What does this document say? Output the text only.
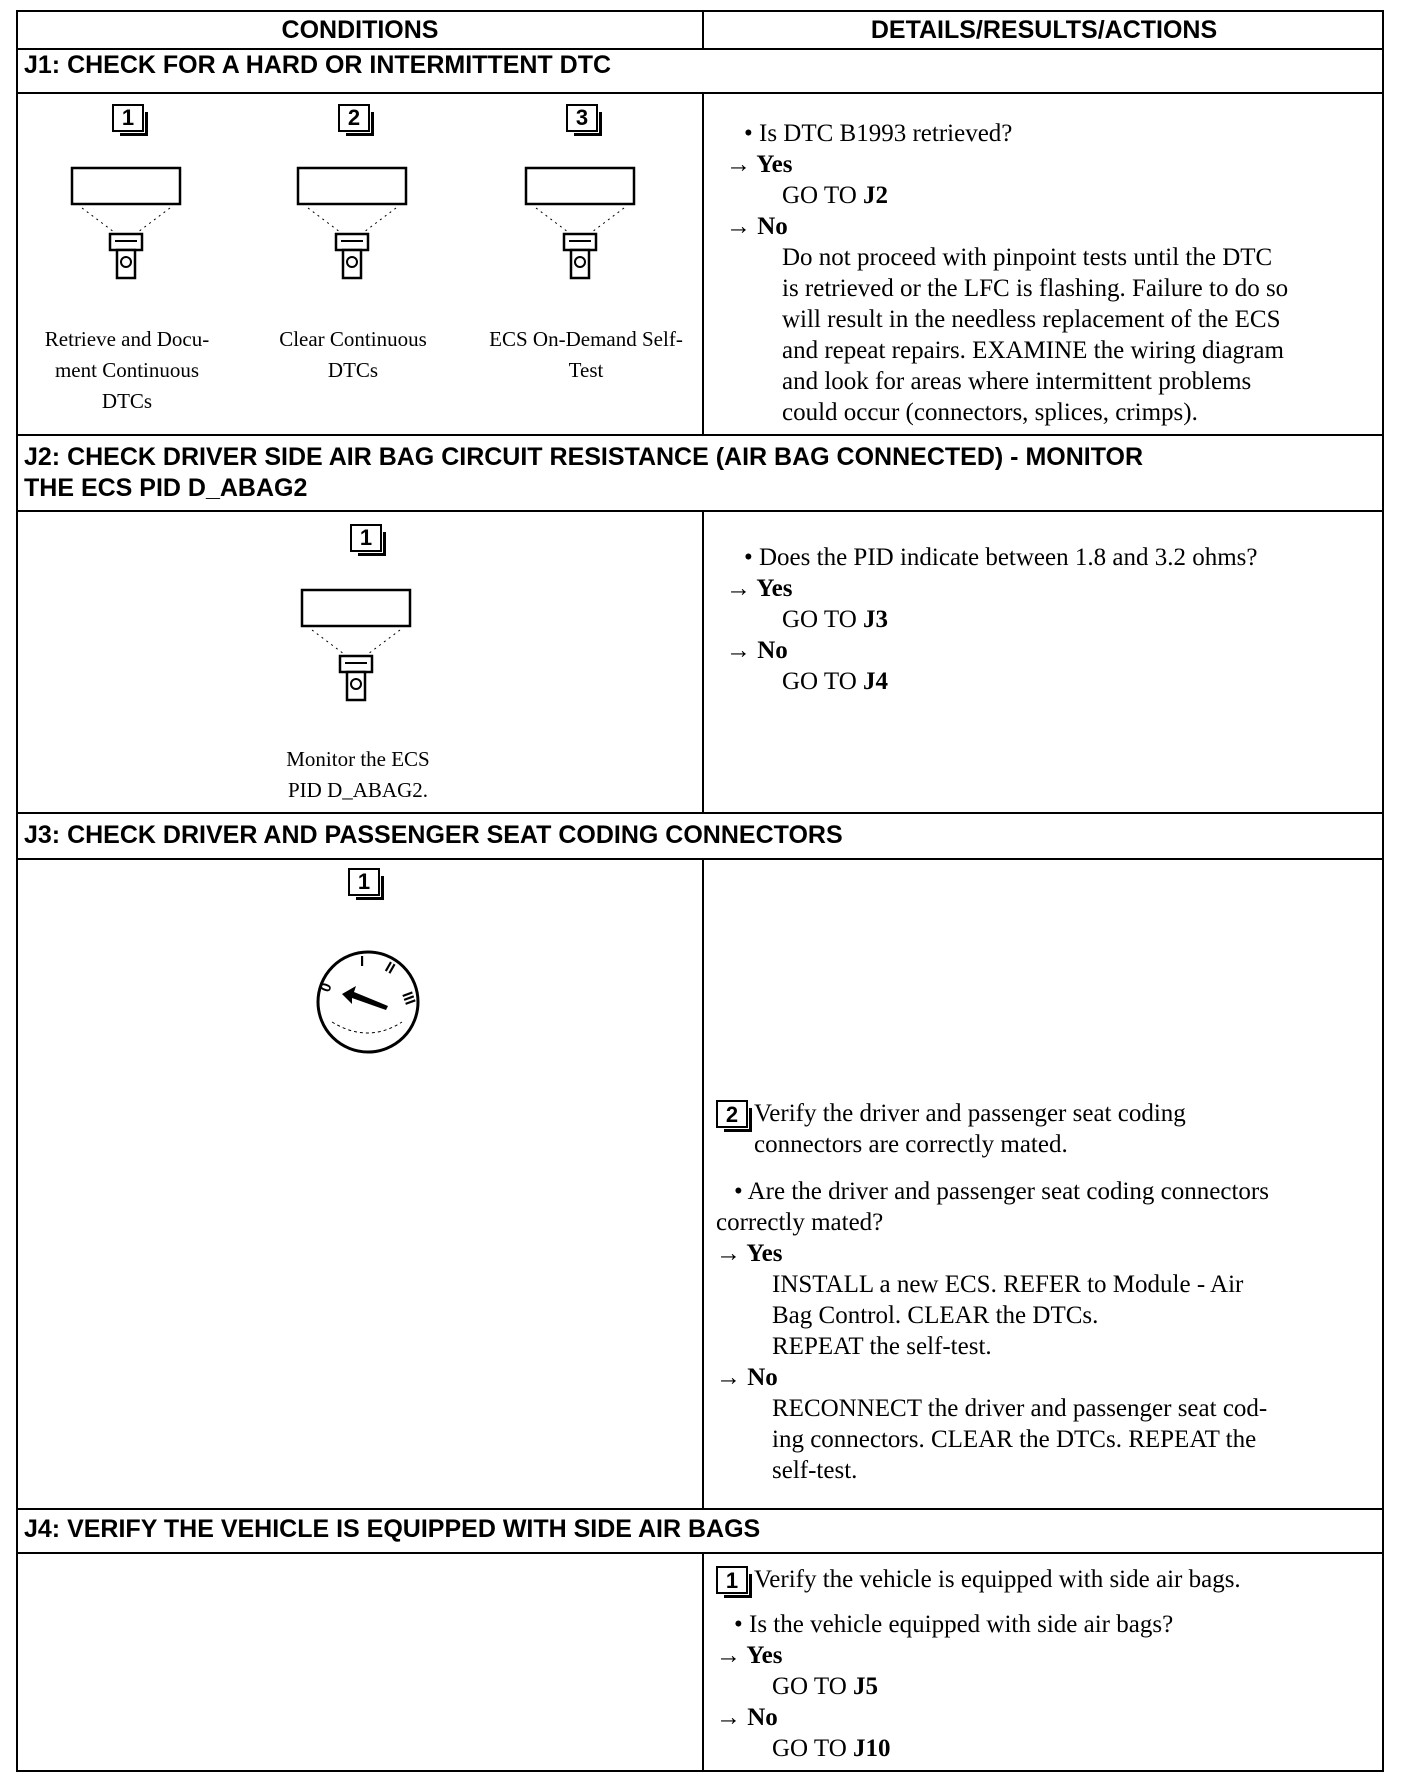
CONDITIONS	DETAILS/RESULTS/ACTIONS
J1: CHECK FOR A HARD OR INTERMITTENT DTC
1
Retrieve and Docu-
ment Continuous
DTCs
2
Clear Continuous
DTCs
3
ECS On-Demand Self-
Test
• Is DTC B1993 retrieved?
→ Yes
GO TO J2
→ No
Do not proceed with pinpoint tests until the DTC
is retrieved or the LFC is flashing. Failure to do so
will result in the needless replacement of the ECS
and repeat repairs. EXAMINE the wiring diagram
and look for areas where intermittent problems
could occur (connectors, splices, crimps).
J2: CHECK DRIVER SIDE AIR BAG CIRCUIT RESISTANCE (AIR BAG CONNECTED) - MONITOR
THE ECS PID D_ABAG2
1
Monitor the ECS
PID D_ABAG2.
• Does the PID indicate between 1.8 and 3.2 ohms?
→ Yes
GO TO J3
→ No
GO TO J4
J3: CHECK DRIVER AND PASSENGER SEAT CODING CONNECTORS
1
0
I II
III
2 Verify the driver and passenger seat coding
connectors are correctly mated.
• Are the driver and passenger seat coding connectors
correctly mated?
→ Yes
INSTALL a new ECS. REFER to Module - Air
Bag Control. CLEAR the DTCs.
REPEAT the self-test.
→ No
RECONNECT the driver and passenger seat cod-
ing connectors. CLEAR the DTCs. REPEAT the
self-test.
J4: VERIFY THE VEHICLE IS EQUIPPED WITH SIDE AIR BAGS
1 Verify the vehicle is equipped with side air bags.
• Is the vehicle equipped with side air bags?
→ Yes
GO TO J5
→ No
GO TO J10
